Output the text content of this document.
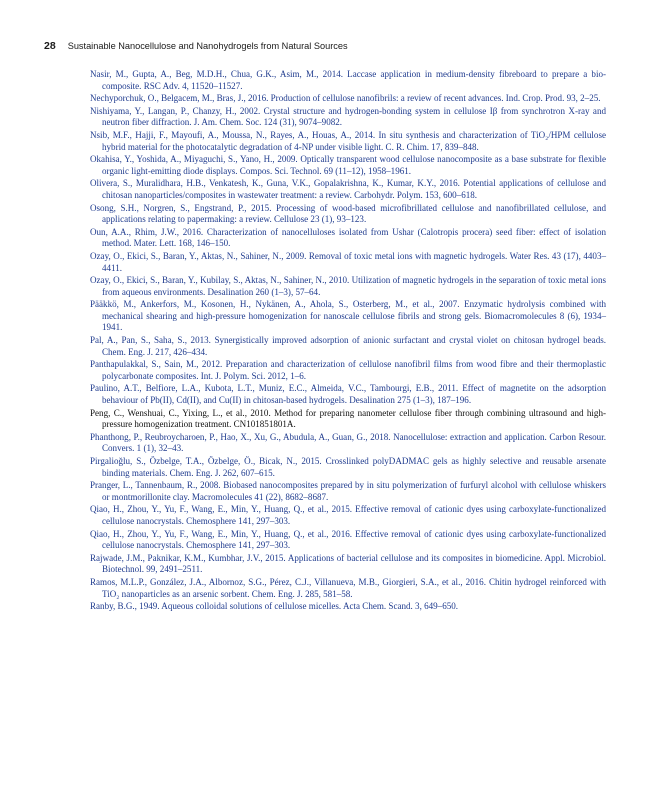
28 Sustainable Nanocellulose and Nanohydrogels from Natural Sources
Nasir, M., Gupta, A., Beg, M.D.H., Chua, G.K., Asim, M., 2014. Laccase application in medium-density fibreboard to prepare a bio-composite. RSC Adv. 4, 11520–11527.
Nechyporchuk, O., Belgacem, M., Bras, J., 2016. Production of cellulose nanofibrils: a review of recent advances. Ind. Crop. Prod. 93, 2–25.
Nishiyama, Y., Langan, P., Chanzy, H., 2002. Crystal structure and hydrogen-bonding system in cellulose Iβ from synchrotron X-ray and neutron fiber diffraction. J. Am. Chem. Soc. 124 (31), 9074–9082.
Nsib, M.F., Hajji, F., Mayoufi, A., Moussa, N., Rayes, A., Houas, A., 2014. In situ synthesis and characterization of TiO₂/HPM cellulose hybrid material for the photocatalytic degradation of 4-NP under visible light. C. R. Chim. 17, 839–848.
Okahisa, Y., Yoshida, A., Miyaguchi, S., Yano, H., 2009. Optically transparent wood cellulose nanocomposite as a base substrate for flexible organic light-emitting diode displays. Compos. Sci. Technol. 69 (11–12), 1958–1961.
Olivera, S., Muralidhara, H.B., Venkatesh, K., Guna, V.K., Gopalakrishna, K., Kumar, K.Y., 2016. Potential applications of cellulose and chitosan nanoparticles/composites in wastewater treatment: a review. Carbohydr. Polym. 153, 600–618.
Osong, S.H., Norgren, S., Engstrand, P., 2015. Processing of wood-based microfibrillated cellulose and nanofibrillated cellulose, and applications relating to papermaking: a review. Cellulose 23 (1), 93–123.
Oun, A.A., Rhim, J.W., 2016. Characterization of nanocelluloses isolated from Ushar (Calotropis procera) seed fiber: effect of isolation method. Mater. Lett. 168, 146–150.
Ozay, O., Ekici, S., Baran, Y., Aktas, N., Sahiner, N., 2009. Removal of toxic metal ions with magnetic hydrogels. Water Res. 43 (17), 4403–4411.
Ozay, O., Ekici, S., Baran, Y., Kubilay, S., Aktas, N., Sahiner, N., 2010. Utilization of magnetic hydrogels in the separation of toxic metal ions from aqueous environments. Desalination 260 (1–3), 57–64.
Pääkkö, M., Ankerfors, M., Kosonen, H., Nykänen, A., Ahola, S., Osterberg, M., et al., 2007. Enzymatic hydrolysis combined with mechanical shearing and high-pressure homogenization for nanoscale cellulose fibrils and strong gels. Biomacromolecules 8 (6), 1934–1941.
Pal, A., Pan, S., Saha, S., 2013. Synergistically improved adsorption of anionic surfactant and crystal violet on chitosan hydrogel beads. Chem. Eng. J. 217, 426–434.
Panthapulakkal, S., Sain, M., 2012. Preparation and characterization of cellulose nanofibril films from wood fibre and their thermoplastic polycarbonate composites. Int. J. Polym. Sci. 2012, 1–6.
Paulino, A.T., Belfiore, L.A., Kubota, L.T., Muniz, E.C., Almeida, V.C., Tambourgi, E.B., 2011. Effect of magnetite on the adsorption behaviour of Pb(II), Cd(II), and Cu(II) in chitosan-based hydrogels. Desalination 275 (1–3), 187–196.
Peng, C., Wenshuai, C., Yixing, L., et al., 2010. Method for preparing nanometer cellulose fiber through combining ultrasound and high-pressure homogenization treatment. CN101851801A.
Phanthong, P., Reubroycharoen, P., Hao, X., Xu, G., Abudula, A., Guan, G., 2018. Nanocellulose: extraction and application. Carbon Resour. Convers. 1 (1), 32–43.
Pirgalioğlu, S., Özbelge, T.A., Özbelge, Ö., Bicak, N., 2015. Crosslinked polyDADMAC gels as highly selective and reusable arsenate binding materials. Chem. Eng. J. 262, 607–615.
Pranger, L., Tannenbaum, R., 2008. Biobased nanocomposites prepared by in situ polymerization of furfuryl alcohol with cellulose whiskers or montmorillonite clay. Macromolecules 41 (22), 8682–8687.
Qiao, H., Zhou, Y., Yu, F., Wang, E., Min, Y., Huang, Q., et al., 2015. Effective removal of cationic dyes using carboxylate-functionalized cellulose nanocrystals. Chemosphere 141, 297–303.
Qiao, H., Zhou, Y., Yu, F., Wang, E., Min, Y., Huang, Q., et al., 2016. Effective removal of cationic dyes using carboxylate-functionalized cellulose nanocrystals. Chemosphere 141, 297–303.
Rajwade, J.M., Paknikar, K.M., Kumbhar, J.V., 2015. Applications of bacterial cellulose and its composites in biomedicine. Appl. Microbiol. Biotechnol. 99, 2491–2511.
Ramos, M.L.P., González, J.A., Albornoz, S.G., Pérez, C.J., Villanueva, M.B., Giorgieri, S.A., et al., 2016. Chitin hydrogel reinforced with TiO₂ nanoparticles as an arsenic sorbent. Chem. Eng. J. 285, 581–58.
Ranby, B.G., 1949. Aqueous colloidal solutions of cellulose micelles. Acta Chem. Scand. 3, 649–650.
